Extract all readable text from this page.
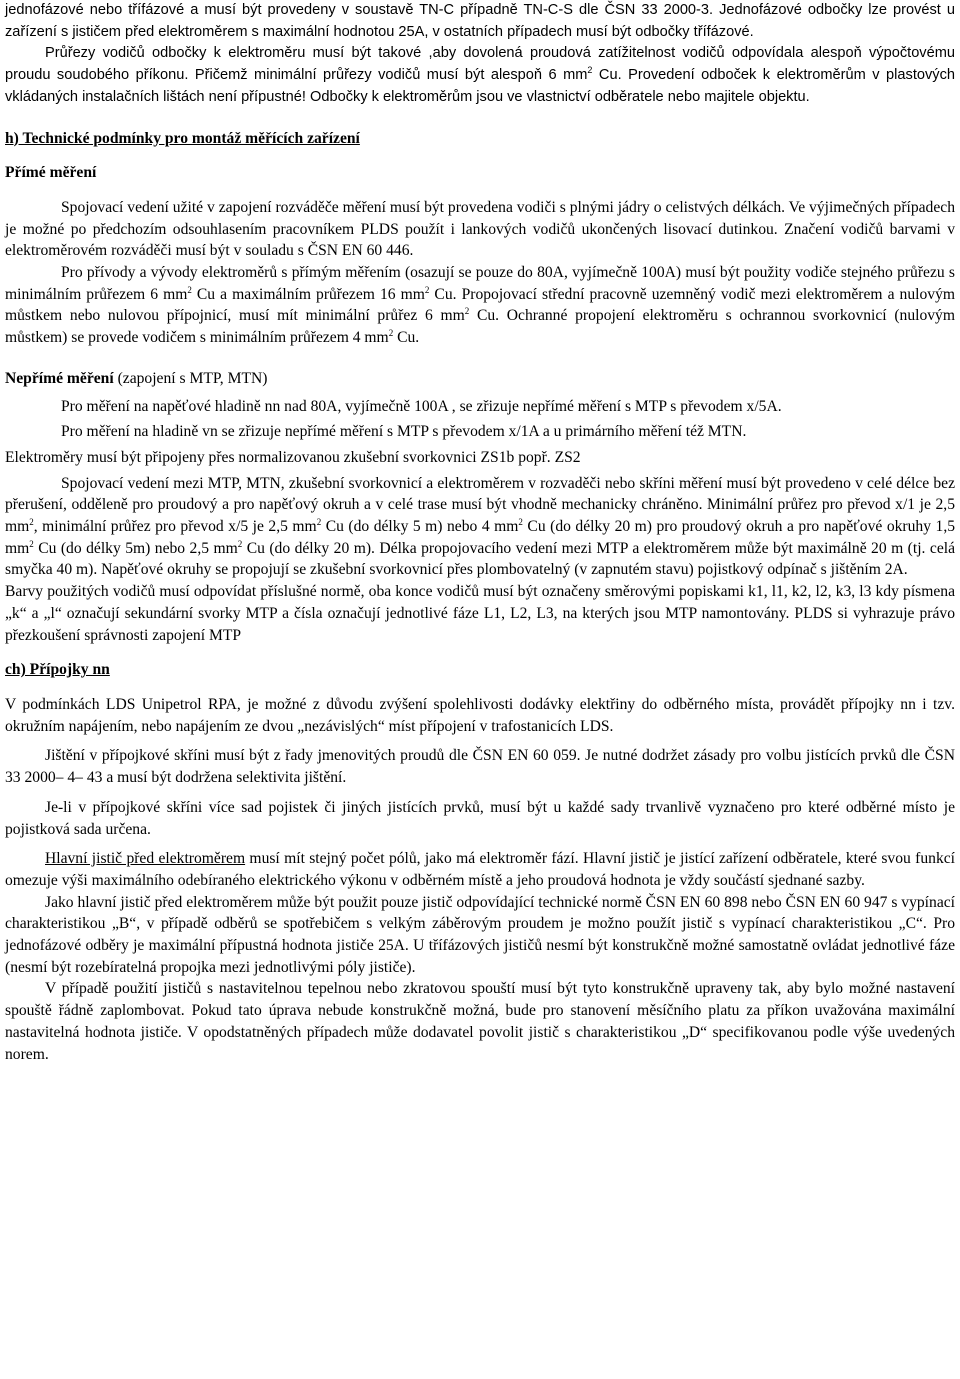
jednofázové nebo třífázové a musí být provedeny v soustavě TN-C případně TN-C-S dle ČSN 33 2000-3. Jednofázové odbočky lze provést u zařízení s jističem před elektroměrem s maximální hodnotou 25A, v ostatních případech musí být odbočky třífázové.

Průřezy vodičů odbočky k elektroměru musí být takové ,aby dovolená proudová zatížitelnost vodičů odpovídala alespoň výpočtovému proudu soudobého příkonu. Přičemž minimální průřezy vodičů musí být alespoň 6 $mm^2$ Cu. Provedení odboček k elektroměrům v plastových vkládaných instalačních lištách není přípustné! Odbočky k elektroměrům jsou ve vlastnictví odběratele nebo majitele objektu.

h) Technické podmínky pro montáž měřících zařízení
Přímé měření

Spojovací vedení užité v zapojení rozváděče měření musí být provedena vodiči s plnými jádry o celistvých délkách. Ve výjimečných případech je možné po předchozím odsouhlasením pracovníkem PLDS použít i lankových vodičů ukončených lisovací dutinkou. Značení vodičů barvami v elektroměrovém rozváděči musí být v souladu s ČSN EN 60 446.

Pro přívody a vývody elektroměrů s přímým měřením (osazují se pouze do 80A, vyjímečně 100A) musí být použity vodiče stejného průřezu s minimálním průřezem 6 $mm^2$ Cu a maximálním průřezem 16 $mm^2$ Cu. Propojovací střední pracovně uzemněný vodič mezi elektroměrem a nulovým můstkem nebo nulovou přípojnicí, musí mít minimální průřez 6 $mm^2$ Cu. Ochranné propojení elektroměru s ochrannou svorkovnicí (nulovým můstkem) se provede vodičem s minimálním průřezem 4 $mm^2$ Cu.

Nepřímé měření (zapojení s MTP, MTN)

Pro měření na napěťové hladině nn nad 80A, vyjímečně 100A , se zřizuje nepřímé měření s MTP s převodem x/5A.

Pro měření na hladině vn se zřizuje nepřímé měření s MTP s převodem x/1A a u primárního měření též MTN.

Elektroměry musí být připojeny přes normalizovanou zkušební svorkovnici ZS1b popř. ZS2

Spojovací vedení mezi MTP, MTN, zkušební svorkovnicí a elektroměrem v rozvaděči nebo skříni měření musí být provedeno v celé délce bez přerušení, odděleně pro proudový a pro napěťový okruh a v celé trase musí být vhodně mechanicky chráněno. Minimální průřez pro převod x/1 je 2,5 $mm^2$, minimální průřez pro převod x/5 je 2,5 $mm^2$ Cu (do délky 5 m) nebo 4 $mm^2$ Cu (do délky 20 m) pro proudový okruh a pro napěťové okruhy 1,5 $mm^2$ Cu (do délky 5m) nebo 2,5 $mm^2$ Cu (do délky 20 m). Délka propojovacího vedení mezi MTP a elektroměrem může být maximálně 20 m (tj. celá smyčka 40 m). Napěťové okruhy se propojují se zkušební svorkovnicí přes plombovatelný (v zapnutém stavu) pojistkový odpínač s jištěním 2A.

Barvy použitých vodičů musí odpovídat příslušné normě, oba konce vodičů musí být označeny směrovými popiskami k1, l1, k2, l2, k3, l3 kdy písmena „k“ a „l“ označují sekundární svorky MTP a čísla označují jednotlivé fáze L1, L2, L3, na kterých jsou MTP namontovány. PLDS si vyhrazuje právo přezkoušení správnosti zapojení MTP

ch) Přípojky nn

V podmínkách LDS Unipetrol RPA, je možné z důvodu zvýšení spolehlivosti dodávky elektřiny do odběrného místa, provádět přípojky nn i tzv. okružním napájením, nebo napájením ze dvou „nezávislých“ míst přípojení v trafostanicích LDS.

Jištění v přípojkové skříni musí být z řady jmenovitých proudů dle ČSN EN 60 059. Je nutné dodržet zásady pro volbu jistících prvků dle ČSN 33 2000– 4– 43 a musí být dodržena selektivita jištění.

Je-li v přípojkové skříni více sad pojistek či jiných jistících prvků, musí být u každé sady trvanlivě vyznačeno pro které odběrné místo je pojistková sada určena.

Hlavní jistič před elektroměrem musí mít stejný počet pólů, jako má elektroměr fází. Hlavní jistič je jistící zařízení odběratele, které svou funkcí omezuje výši maximálního odebíraného elektrického výkonu v odběrném místě a jeho proudová hodnota je vždy součástí sjednané sazby.

Jako hlavní jistič před elektroměrem může být použit pouze jistič odpovídající technické normě ČSN EN 60 898 nebo ČSN EN 60 947 s vypínací charakteristikou „B“, v případě odběrů se spotřebičem s velkým záběrovým proudem je možno použít jistič s vypínací charakteristikou „C“. Pro jednofázové odběry je maximální přípustná hodnota jističe 25A. U třífázových jističů nesmí být konstrukčně možné samostatně ovládat jednotlivé fáze (nesmí být rozebíratelná propojka mezi jednotlivými póly jističe).

V případě použití jističů s nastavitelnou tepelnou nebo zkratovou spouští musí být tyto konstrukčně upraveny tak, aby bylo možné nastavení spouště řádně zaplombovat. Pokud tato úprava nebude konstrukčně možná, bude pro stanovení měsíčního platu za příkon uvažována maximální nastavitelná hodnota jističe. V opodstatněných případech může dodavatel povolit jistič s charakteristikou „D“ specifikovanou podle výše uvedených norem.
